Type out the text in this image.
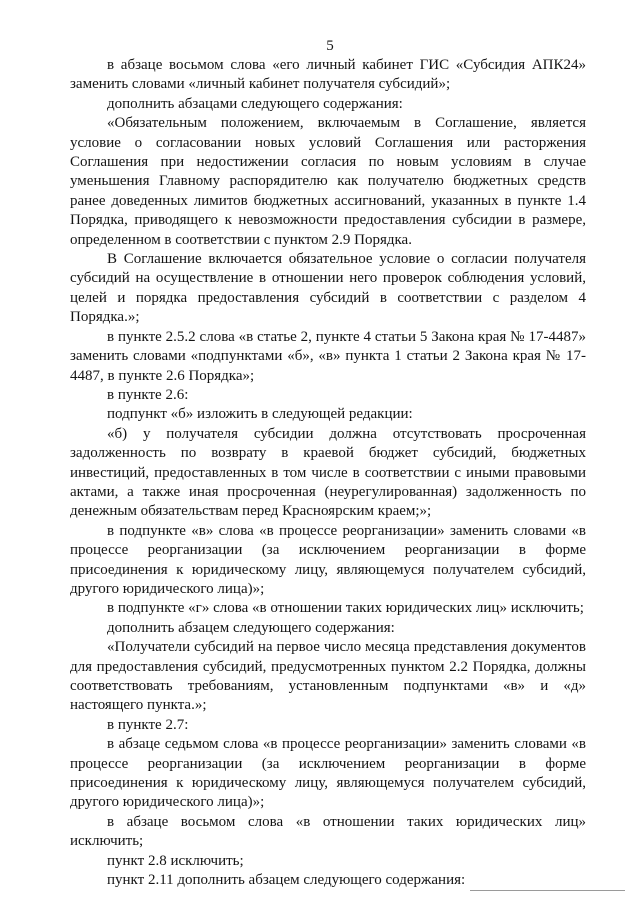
5

в абзаце восьмом слова «его личный кабинет ГИС «Субсидия АПК24» заменить словами «личный кабинет получателя субсидий»;

дополнить абзацами следующего содержания:

«Обязательным положением, включаемым в Соглашение, является условие о согласовании новых условий Соглашения или расторжения Соглашения при недостижении согласия по новым условиям в случае уменьшения Главному распорядителю как получателю бюджетных средств ранее доведенных лимитов бюджетных ассигнований, указанных в пункте 1.4 Порядка, приводящего к невозможности предоставления субсидии в размере, определенном в соответствии с пунктом 2.9 Порядка.

В Соглашение включается обязательное условие о согласии получателя субсидий на осуществление в отношении него проверок соблюдения условий, целей и порядка предоставления субсидий в соответствии с разделом 4 Порядка.»;

в пункте 2.5.2 слова «в статье 2, пункте 4 статьи 5 Закона края № 17-4487» заменить словами «подпунктами «б», «в» пункта 1 статьи 2 Закона края № 17-4487, в пункте 2.6 Порядка»;

в пункте 2.6:

подпункт «б» изложить в следующей редакции:

«б) у получателя субсидии должна отсутствовать просроченная задолженность по возврату в краевой бюджет субсидий, бюджетных инвестиций, предоставленных в том числе в соответствии с иными правовыми актами, а также иная просроченная (неурегулированная) задолженность по денежным обязательствам перед Красноярским краем;»;

в подпункте «в» слова «в процессе реорганизации» заменить словами «в процессе реорганизации (за исключением реорганизации в форме присоединения к юридическому лицу, являющемуся получателем субсидий, другого юридического лица)»;

в подпункте «г» слова «в отношении таких юридических лиц» исключить;

дополнить абзацем следующего содержания:

«Получатели субсидий на первое число месяца представления документов для предоставления субсидий, предусмотренных пунктом 2.2 Порядка, должны соответствовать требованиям, установленным подпунктами «в» и «д» настоящего пункта.»;

в пункте 2.7:

в абзаце седьмом слова «в процессе реорганизации» заменить словами «в процессе реорганизации (за исключением реорганизации в форме присоединения к юридическому лицу, являющемуся получателем субсидий, другого юридического лица)»;

в абзаце восьмом слова «в отношении таких юридических лиц» исключить;

пункт 2.8 исключить;

пункт 2.11 дополнить абзацем следующего содержания:
